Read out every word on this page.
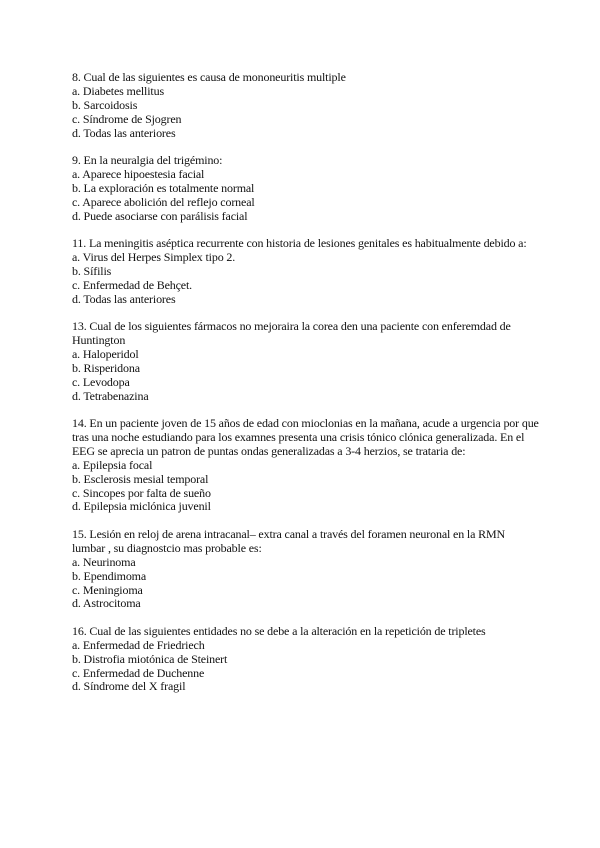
8. Cual de las siguientes es causa de mononeuritis multiple
a. Diabetes mellitus
b. Sarcoidosis
c. Síndrome de Sjogren
d. Todas las anteriores
9. En la neuralgia del trigémino:
a. Aparece hipoestesia facial
b. La exploración es totalmente normal
c. Aparece abolición del reflejo corneal
d. Puede asociarse con parálisis facial
11. La meningitis aséptica recurrente con historia de lesiones genitales es habitualmente debido a:
a. Virus del Herpes Simplex tipo 2.
b. Sífilis
c. Enfermedad de Behçet.
d. Todas las anteriores
13. Cual de los siguientes fármacos no mejoraira la corea den una paciente con enferemdad de Huntington
a. Haloperidol
b. Risperidona
c. Levodopa
d. Tetrabenazina
14. En un paciente joven de 15 años de edad con mioclonias en la mañana, acude a urgencia por que tras una noche estudiando para los examnes presenta una crisis tónico clónica generalizada. En el EEG se aprecia un patron de puntas ondas generalizadas a 3-4 herzios, se trataria de:
a. Epilepsia focal
b. Esclerosis mesial temporal
c. Sincopes por falta de sueño
d. Epilepsia miclónica juvenil
15. Lesión en reloj de arena intracanal– extra canal a través del foramen neuronal en la RMN lumbar , su diagnostcio mas probable es:
a. Neurinoma
b. Ependimoma
c. Meningioma
d. Astrocitoma
16. Cual de las siguientes entidades no se debe a la alteración en la repetición de tripletes
a. Enfermedad de Friedriech
b. Distrofia miotónica de Steinert
c. Enfermedad de Duchenne
d. Síndrome del X fragil
